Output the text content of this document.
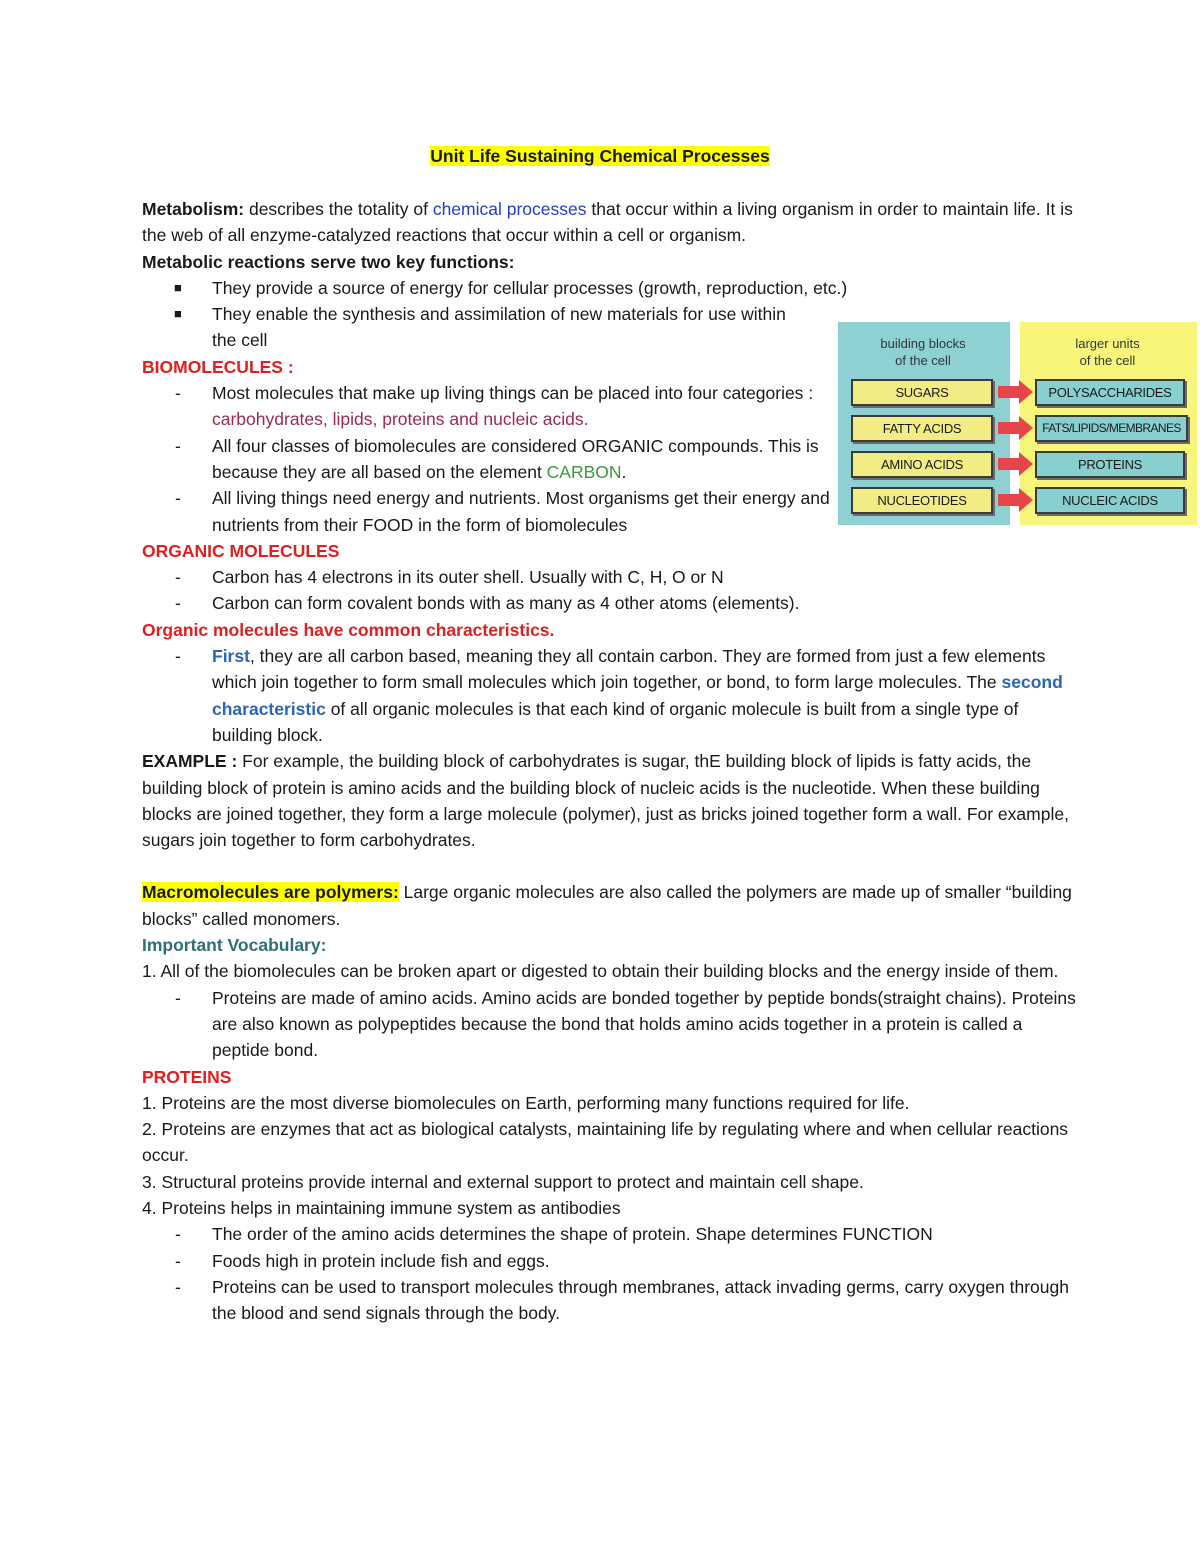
Unit Life Sustaining Chemical Processes

Metabolism: describes the totality of chemical processes that occur within a living organism in order to maintain life. It is the web of all enzyme-catalyzed reactions that occur within a cell or organism.

Metabolic reactions serve two key functions:

■ They provide a source of energy for cellular processes (growth, reproduction, etc.)
■ They enable the synthesis and assimilation of new materials for use within the cell

BIOMOLECULES :

- Most molecules that make up living things can be placed into four categories : carbohydrates, lipids, proteins and nucleic acids.
- All four classes of biomolecules are considered ORGANIC compounds. This is because they are all based on the element CARBON.
- All living things need energy and nutrients. Most organisms get their energy and nutrients from their FOOD in the form of biomolecules

ORGANIC MOLECULES

- Carbon has 4 electrons in its outer shell. Usually with C, H, O or N
- Carbon can form covalent bonds with as many as 4 other atoms (elements).

Organic molecules have common characteristics.

- First, they are all carbon based, meaning they all contain carbon. They are formed from just a few elements which join together to form small molecules which join together, or bond, to form large molecules. The second characteristic of all organic molecules is that each kind of organic molecule is built from a single type of building block.

EXAMPLE : For example, the building block of carbohydrates is sugar, thE building block of lipids is fatty acids, the building block of protein is amino acids and the building block of nucleic acids is the nucleotide. When these building blocks are joined together, they form a large molecule (polymer), just as bricks joined together form a wall. For example, sugars join together to form carbohydrates.

Macromolecules are polymers: Large organic molecules are also called the polymers are made up of smaller “building blocks” called monomers.

Important Vocabulary:

1. All of the biomolecules can be broken apart or digested to obtain their building blocks and the energy inside of them.

- Proteins are made of amino acids. Amino acids are bonded together by peptide bonds(straight chains). Proteins are also known as polypeptides because the bond that holds amino acids together in a protein is called a peptide bond.

PROTEINS

1. Proteins are the most diverse biomolecules on Earth, performing many functions required for life.

2. Proteins are enzymes that act as biological catalysts, maintaining life by regulating where and when cellular reactions occur.

3. Structural proteins provide internal and external support to protect and maintain cell shape.

4. Proteins helps in maintaining immune system as antibodies

- The order of the amino acids determines the shape of protein. Shape determines FUNCTION
- Foods high in protein include fish and eggs.
- Proteins can be used to transport molecules through membranes, attack invading germs, carry oxygen through the blood and send signals through the body.
building blocks
of the cell
larger units
of the cell
SUGARS
FATTY ACIDS
AMINO ACIDS
NUCLEOTIDES
POLYSACCHARIDES
FATS/LIPIDS/MEMBRANES
PROTEINS
NUCLEIC ACIDS
